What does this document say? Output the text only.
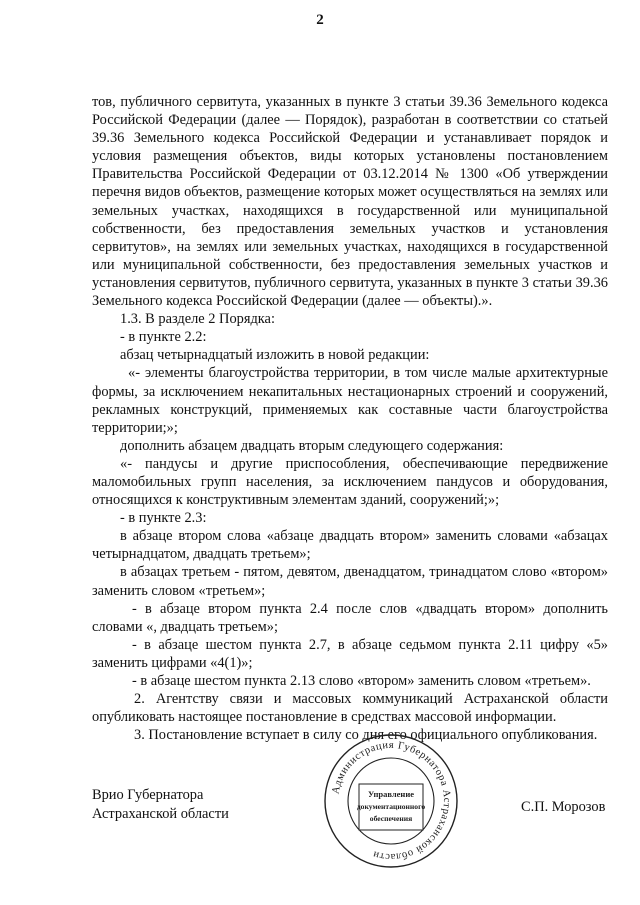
2

тов, публичного сервитута, указанных в пункте 3 статьи 39.36 Земельного кодекса Российской Федерации (далее — Порядок), разработан в соответствии со статьей 39.36 Земельного кодекса Российской Федерации и устанавливает порядок и условия размещения объектов, виды которых установлены постановлением Правительства Российской Федерации от 03.12.2014 № 1300 «Об утверждении перечня видов объектов, размещение которых может осуществляться на землях или земельных участках, находящихся в государственной или муниципальной собственности, без предоставления земельных участков и установления сервитутов», на землях или земельных участках, находящихся в государственной или муниципальной собственности, без предоставления земельных участков и установления сервитутов, публичного сервитута, указанных в пункте 3 статьи 39.36 Земельного кодекса Российской Федерации (далее — объекты).».

1.3. В разделе 2 Порядка:

- в пункте 2.2:

абзац четырнадцатый изложить в новой редакции:

«- элементы благоустройства территории, в том числе малые архитектурные формы, за исключением некапитальных нестационарных строений и сооружений, рекламных конструкций, применяемых как составные части благоустройства территории;»;

дополнить абзацем двадцать вторым следующего содержания:

«- пандусы и другие приспособления, обеспечивающие передвижение маломобильных групп населения, за исключением пандусов и оборудования, относящихся к конструктивным элементам зданий, сооружений;»;

- в пункте 2.3:

в абзаце втором слова «абзаце двадцать втором» заменить словами «абзацах четырнадцатом, двадцать третьем»;

в абзацах третьем - пятом, девятом, двенадцатом, тринадцатом слово «втором» заменить словом «третьем»;

- в абзаце втором пункта 2.4 после слов «двадцать втором» дополнить словами «, двадцать третьем»;

- в абзаце шестом пункта 2.7, в абзаце седьмом пункта 2.11 цифру «5» заменить цифрами «4(1)»;

- в абзаце шестом пункта 2.13 слово «втором» заменить словом «третьем».

2. Агентству связи и массовых коммуникаций Астраханской области опубликовать настоящее постановление в средствах массовой информации.

3. Постановление вступает в силу со дня его официального опубликования.

Врио Губернатора

Астраханской области

Администрация Губернатора Астраханской области
Управление
документационного
обеспечения
С.П. Морозов
